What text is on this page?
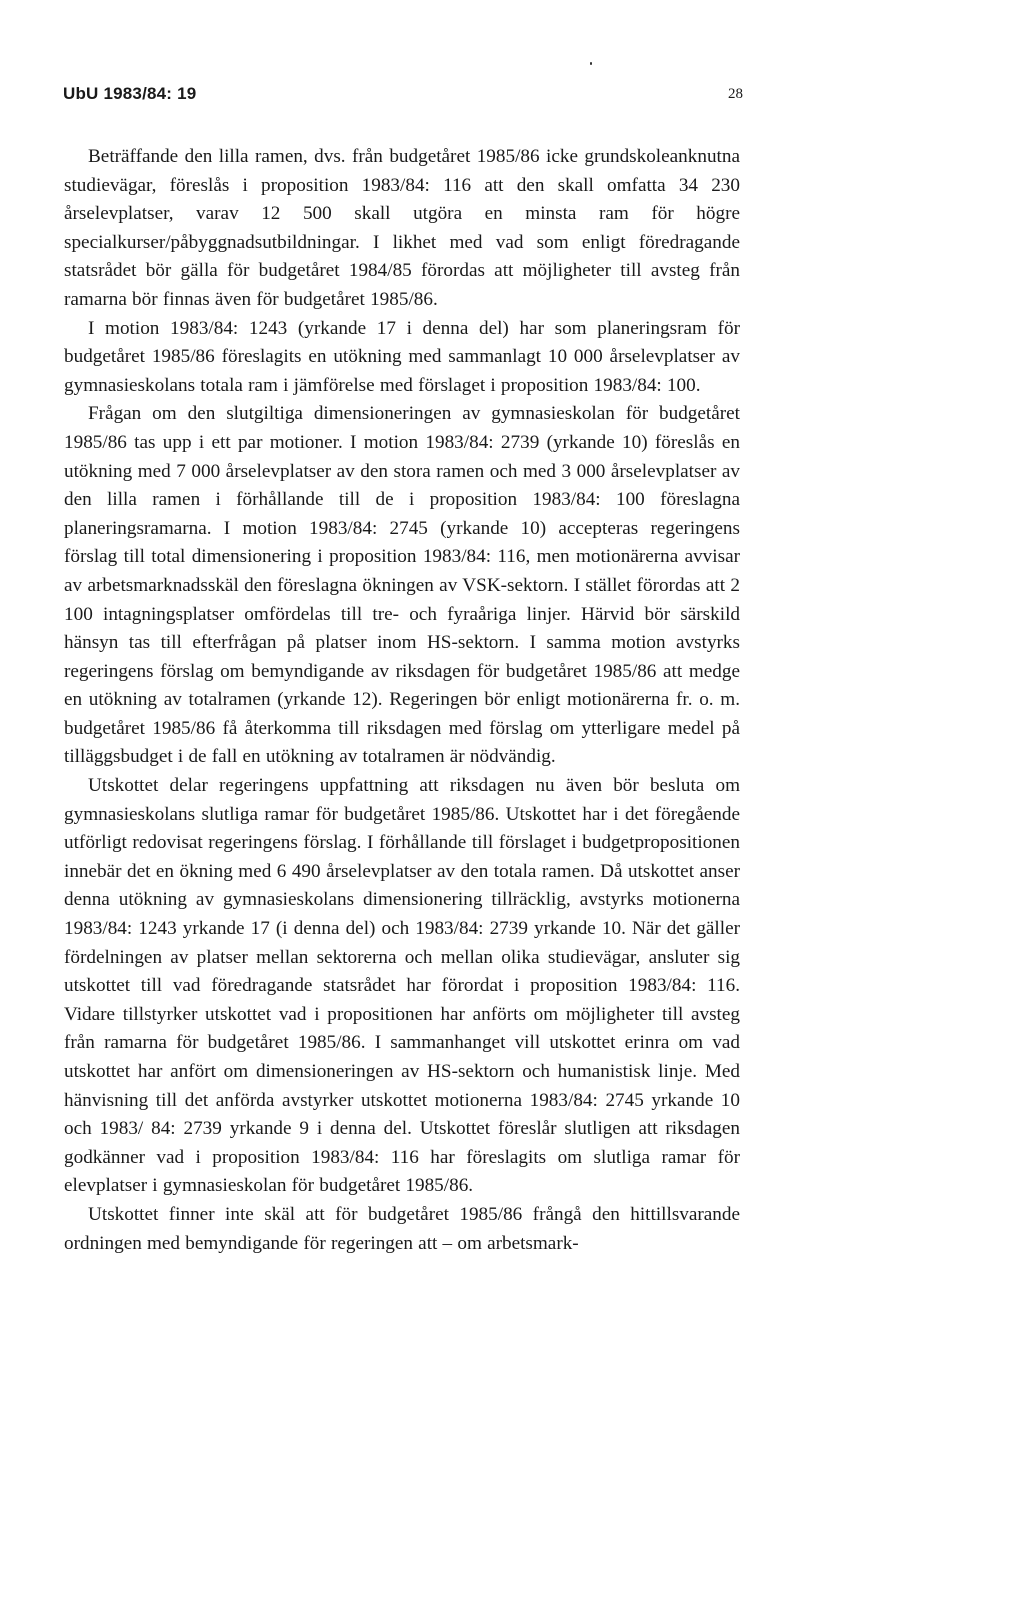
UbU 1983/84: 19	28

Beträffande den lilla ramen, dvs. från budgetåret 1985/86 icke grundskoleanknutna studievägar, föreslås i proposition 1983/84: 116 att den skall omfatta 34 230 årselevplatser, varav 12 500 skall utgöra en minsta ram för högre specialkurser/påbyggnadsutbildningar. I likhet med vad som enligt föredragande statsrådet bör gälla för budgetåret 1984/85 förordas att möjligheter till avsteg från ramarna bör finnas även för budgetåret 1985/86.

I motion 1983/84: 1243 (yrkande 17 i denna del) har som planeringsram för budgetåret 1985/86 föreslagits en utökning med sammanlagt 10 000 årselevplatser av gymnasieskolans totala ram i jämförelse med förslaget i proposition 1983/84: 100.

Frågan om den slutgiltiga dimensioneringen av gymnasieskolan för budgetåret 1985/86 tas upp i ett par motioner. I motion 1983/84: 2739 (yrkande 10) föreslås en utökning med 7 000 årselevplatser av den stora ramen och med 3 000 årselevplatser av den lilla ramen i förhållande till de i proposition 1983/84: 100 föreslagna planeringsramarna. I motion 1983/84: 2745 (yrkande 10) accepteras regeringens förslag till total dimensionering i proposition 1983/84: 116, men motionärerna avvisar av arbetsmarknadsskäl den föreslagna ökningen av VSK-sektorn. I stället förordas att 2 100 intagningsplatser omfördelas till tre- och fyraåriga linjer. Härvid bör särskild hänsyn tas till efterfrågan på platser inom HS-sektorn. I samma motion avstyrks regeringens förslag om bemyndigande av riksdagen för budgetåret 1985/86 att medge en utökning av totalramen (yrkande 12). Regeringen bör enligt motionärerna fr. o. m. budgetåret 1985/86 få återkomma till riksdagen med förslag om ytterligare medel på tilläggsbudget i de fall en utökning av totalramen är nödvändig.

Utskottet delar regeringens uppfattning att riksdagen nu även bör besluta om gymnasieskolans slutliga ramar för budgetåret 1985/86. Utskottet har i det föregående utförligt redovisat regeringens förslag. I förhållande till förslaget i budgetpropositionen innebär det en ökning med 6 490 årselevplatser av den totala ramen. Då utskottet anser denna utökning av gymnasieskolans dimensionering tillräcklig, avstyrks motionerna 1983/84: 1243 yrkande 17 (i denna del) och 1983/84: 2739 yrkande 10. När det gäller fördelningen av platser mellan sektorerna och mellan olika studievägar, ansluter sig utskottet till vad föredragande statsrådet har förordat i proposition 1983/84: 116. Vidare tillstyrker utskottet vad i propositionen har anförts om möjligheter till avsteg från ramarna för budgetåret 1985/86. I sammanhanget vill utskottet erinra om vad utskottet har anfört om dimensioneringen av HS-sektorn och humanistisk linje. Med hänvisning till det anförda avstyrker utskottet motionerna 1983/84: 2745 yrkande 10 och 1983/ 84: 2739 yrkande 9 i denna del. Utskottet föreslår slutligen att riksdagen godkänner vad i proposition 1983/84: 116 har föreslagits om slutliga ramar för elevplatser i gymnasieskolan för budgetåret 1985/86.

Utskottet finner inte skäl att för budgetåret 1985/86 frångå den hittillsvarande ordningen med bemyndigande för regeringen att – om arbetsmark-
